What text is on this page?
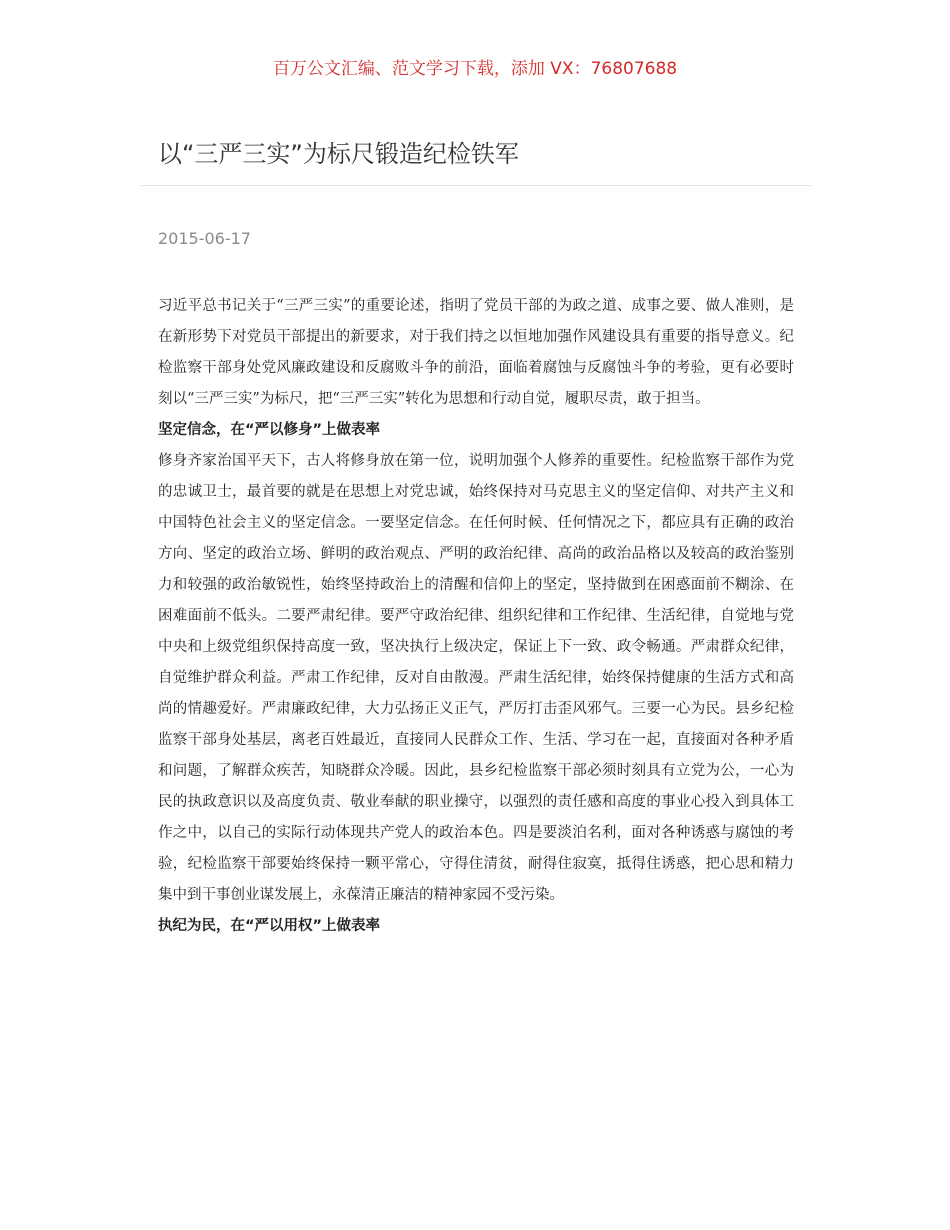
百万公文汇编、范文学习下载，添加 VX：76807688
以“三严三实”为标尺锻造纪检铁军
2015-06-17

习近平总书记关于“三严三实”的重要论述，指明了党员干部的为政之道、成事之要、做人准则，是在新形势下对党员干部提出的新要求，对于我们持之以恒地加强作风建设具有重要的指导意义。纪检监察干部身处党风廉政建设和反腐败斗争的前沿，面临着腐蚀与反腐蚀斗争的考验，更有必要时刻以“三严三实”为标尺，把“三严三实”转化为思想和行动自觉，履职尽责，敢于担当。

坚定信念，在“严以修身”上做表率

修身齐家治国平天下，古人将修身放在第一位，说明加强个人修养的重要性。纪检监察干部作为党的忠诚卫士，最首要的就是在思想上对党忠诚，始终保持对马克思主义的坚定信仰、对共产主义和中国特色社会主义的坚定信念。一要坚定信念。在任何时候、任何情况之下，都应具有正确的政治方向、坚定的政治立场、鲜明的政治观点、严明的政治纪律、高尚的政治品格以及较高的政治鉴别力和较强的政治敏锐性，始终坚持政治上的清醒和信仰上的坚定，坚持做到在困惑面前不糊涂、在困难面前不低头。二要严肃纪律。要严守政治纪律、组织纪律和工作纪律、生活纪律，自觉地与党中央和上级党组织保持高度一致，坚决执行上级决定，保证上下一致、政令畅通。严肃群众纪律，自觉维护群众利益。严肃工作纪律，反对自由散漫。严肃生活纪律，始终保持健康的生活方式和高尚的情趣爱好。严肃廉政纪律，大力弘扬正义正气，严厉打击歪风邪气。三要一心为民。县乡纪检监察干部身处基层，离老百姓最近，直接同人民群众工作、生活、学习在一起，直接面对各种矛盾和问题，了解群众疾苦，知晓群众冷暖。因此，县乡纪检监察干部必须时刻具有立党为公，一心为民的执政意识以及高度负责、敬业奉献的职业操守，以强烈的责任感和高度的事业心投入到具体工作之中，以自己的实际行动体现共产党人的政治本色。四是要淡泊名利，面对各种诱惑与腐蚀的考验，纪检监察干部要始终保持一颗平常心，守得住清贫，耐得住寂寞，抵得住诱惑，把心思和精力集中到干事创业谋发展上，永葆清正廉洁的精神家园不受污染。

执纪为民，在“严以用权”上做表率
